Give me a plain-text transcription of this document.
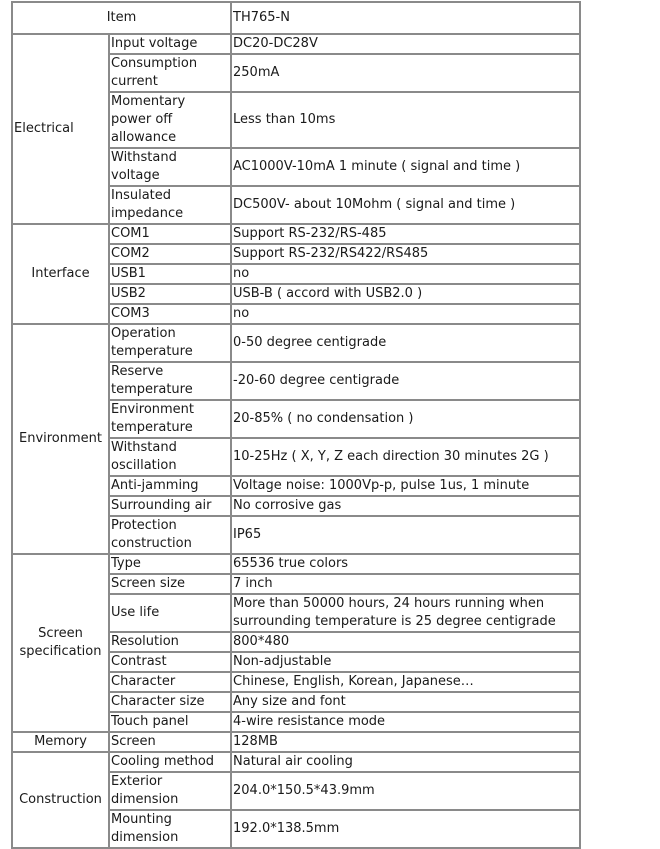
Item		TH765-N
Electrical	Input voltage	DC20-DC28V
	Consumption current	250mA
	Momentary power off allowance	Less than 10ms
	Withstand voltage	AC1000V-10mA 1 minute ( signal and time )
	Insulated impedance	DC500V- about 10Mohm ( signal and time )
Interface	COM1	Support RS-232/RS-485
	COM2	Support RS-232/RS422/RS485
	USB1	no
	USB2	USB-B ( accord with USB2.0 )
	COM3	no
Environment	Operation temperature	0-50 degree centigrade
	Reserve temperature	-20-60 degree centigrade
	Environment temperature	20-85% ( no condensation )
	Withstand oscillation	10-25Hz ( X, Y, Z each direction 30 minutes 2G )
	Anti-jamming	Voltage noise: 1000Vp-p, pulse 1us, 1 minute
	Surrounding air	No corrosive gas
	Protection construction	IP65
Screen specification	Type	65536 true colors
	Screen size	7 inch
	Use life	More than 50000 hours, 24 hours running when surrounding temperature is 25 degree centigrade
	Resolution	800*480
	Contrast	Non-adjustable
	Character	Chinese, English, Korean, Japanese…
	Character size	Any size and font
	Touch panel	4-wire resistance mode
Memory	Screen	128MB
Construction	Cooling method	Natural air cooling
	Exterior dimension	204.0*150.5*43.9mm
	Mounting dimension	192.0*138.5mm
